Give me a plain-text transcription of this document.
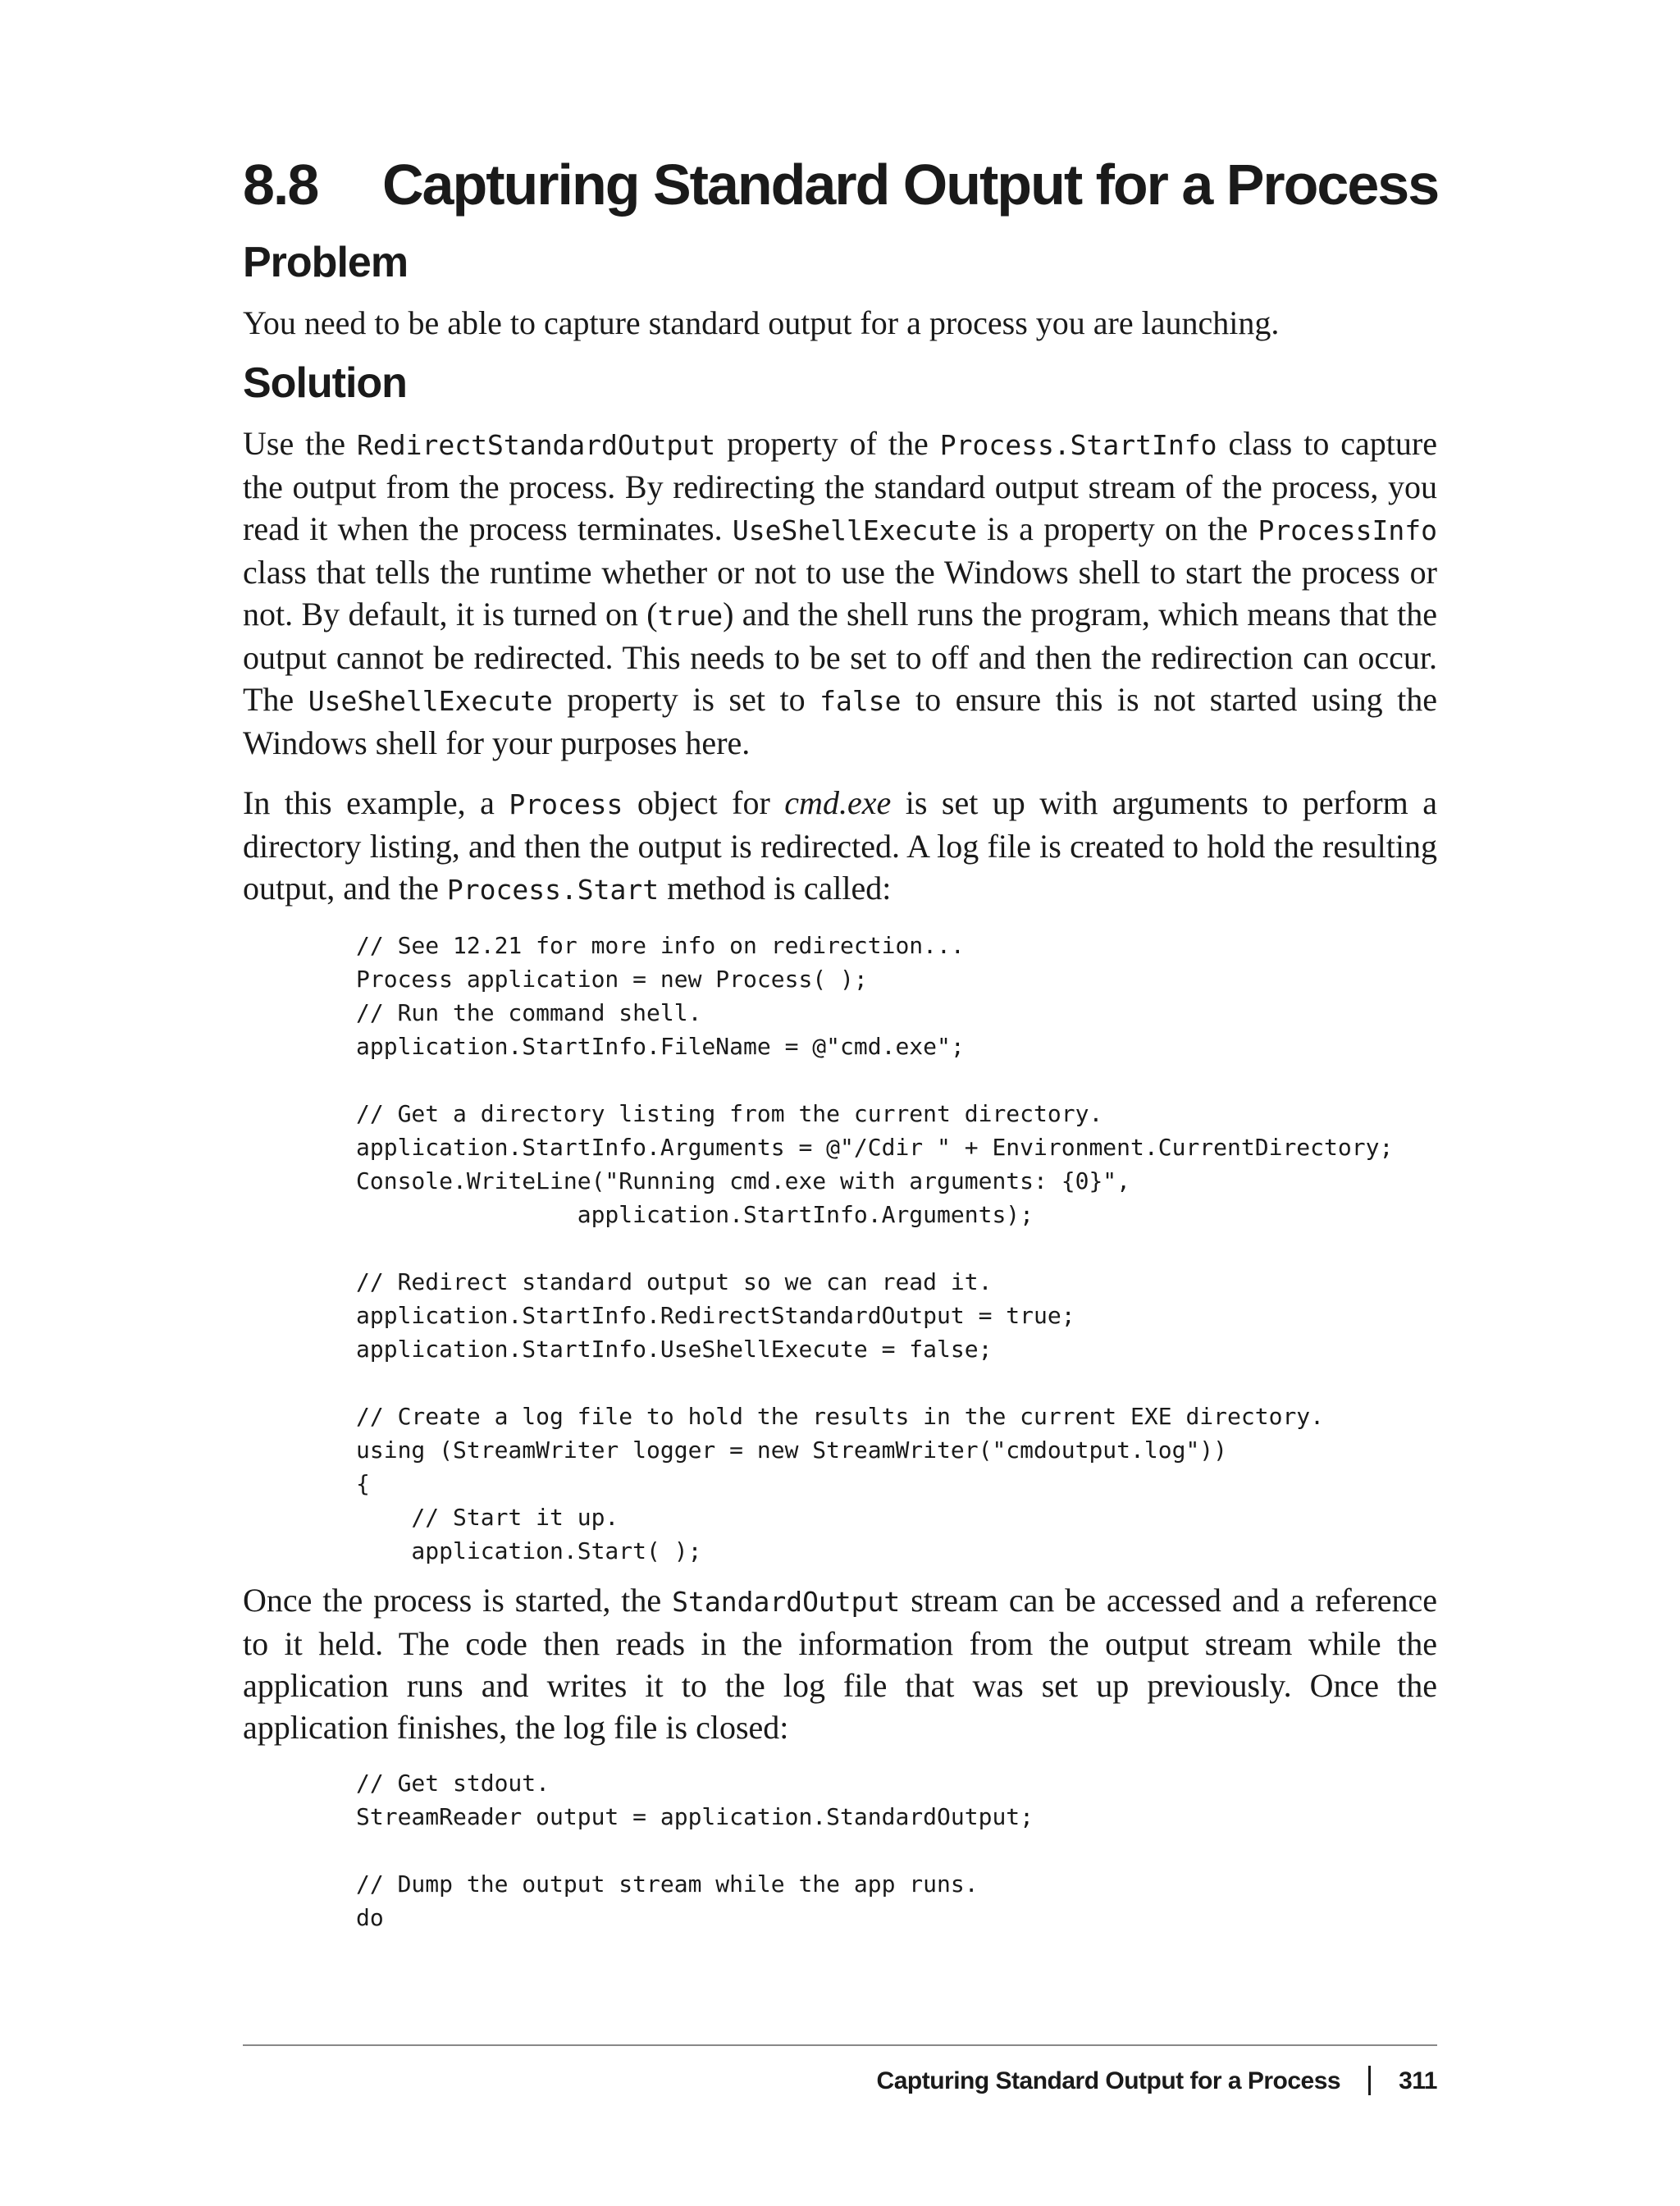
8.8 Capturing Standard Output for a Process
Problem

You need to be able to capture standard output for a process you are launching.

Solution

Use the RedirectStandardOutput property of the Process.StartInfo class to capture the output from the process. By redirecting the standard output stream of the process, you read it when the process terminates. UseShellExecute is a property on the ProcessInfo class that tells the runtime whether or not to use the Windows shell to start the process or not. By default, it is turned on (true) and the shell runs the program, which means that the output cannot be redirected. This needs to be set to off and then the redirection can occur. The UseShellExecute property is set to false to ensure this is not started using the Windows shell for your purposes here.

In this example, a Process object for cmd.exe is set up with arguments to perform a directory listing, and then the output is redirected. A log file is created to hold the resulting output, and the Process.Start method is called:

// See 12.21 for more info on redirection...
Process application = new Process( );
// Run the command shell.
application.StartInfo.FileName = @"cmd.exe";
// Get a directory listing from the current directory.
application.StartInfo.Arguments = @"/Cdir " + Environment.CurrentDirectory;
Console.WriteLine("Running cmd.exe with arguments: {0}",
application.StartInfo.Arguments);
// Redirect standard output so we can read it.
application.StartInfo.RedirectStandardOutput = true;
application.StartInfo.UseShellExecute = false;
// Create a log file to hold the results in the current EXE directory.
using (StreamWriter logger = new StreamWriter("cmdoutput.log"))
{
// Start it up.
application.Start( );

Once the process is started, the StandardOutput stream can be accessed and a reference to it held. The code then reads in the information from the output stream while the application runs and writes it to the log file that was set up previously. Once the application finishes, the log file is closed:

// Get stdout.
StreamReader output = application.StandardOutput;
// Dump the output stream while the app runs.
do
Capturing Standard Output for a Process 311
